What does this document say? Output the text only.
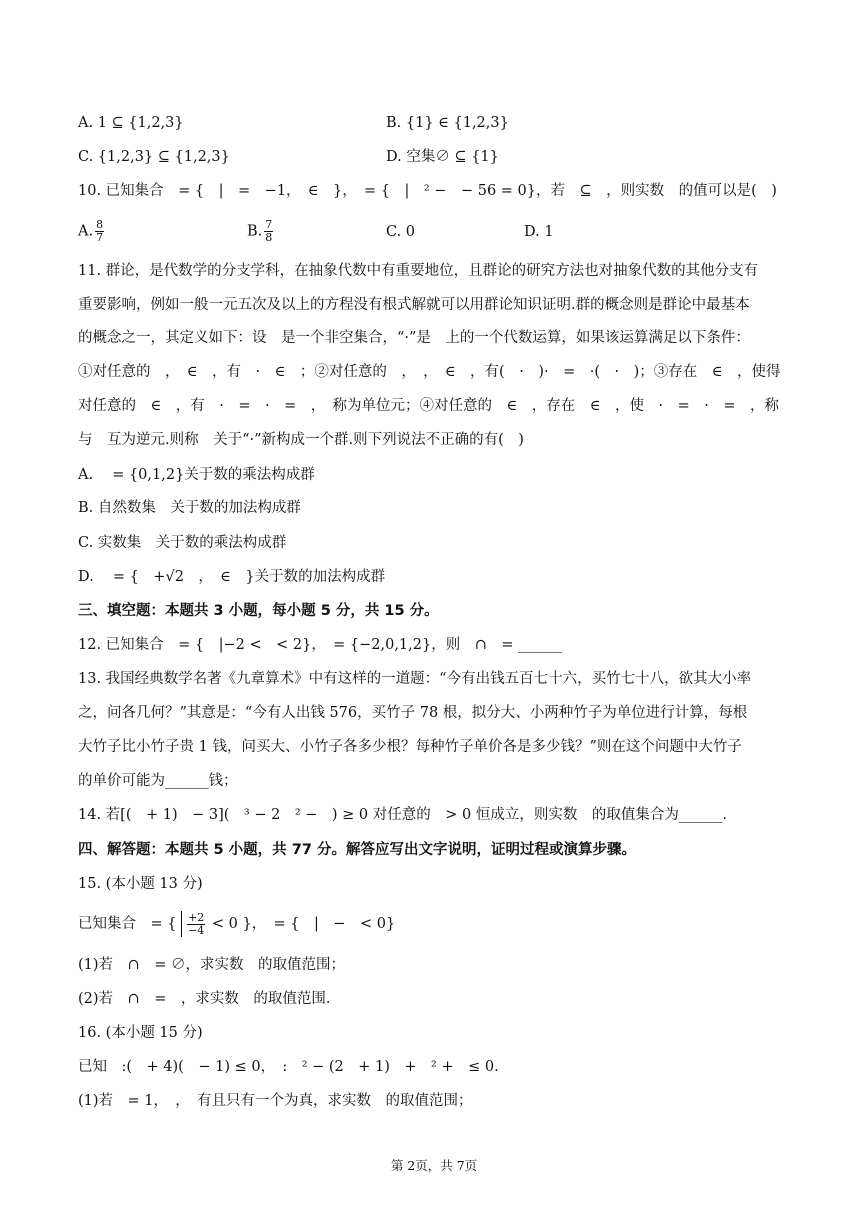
A. 1 ⊆ {1,2,3}	B. {1} ∈ {1,2,3}
C. {1,2,3} ⊆ {1,2,3}	D. 空集∅ ⊆ {1}
10. 已知集合　= {　|　=　−1，　∈　}，　= {　|　² −　− 56 = 0}，若　⊆　，则实数　的值可以是(　)
A. $\frac{8}{7}$	B. $\frac{7}{8}$	C. 0	D. 1
11. 群论，是代数学的分支学科，在抽象代数中有重要地位，且群论的研究方法也对抽象代数的其他分支有
重要影响，例如一般一元五次及以上的方程没有根式解就可以用群论知识证明.群的概念则是群论中最基本
的概念之一，其定义如下：设　是一个非空集合，“·”是　上的一个代数运算，如果该运算满足以下条件：
①对任意的　，　∈　，有　·　∈　；②对任意的　，　，　∈　，有(　·　)·　=　·(　·　)；③存在　∈　，使得
对任意的　∈　，有　·　=　·　=　，　称为单位元；④对任意的　∈　，存在　∈　，使　·　=　·　=　，称
与　互为逆元.则称　关于“·”新构成一个群.则下列说法不正确的有(　)
A. 　= {0,1,2}关于数的乘法构成群
B. 自然数集　关于数的加法构成群
C. 实数集　关于数的乘法构成群
D. 　= {　+√2　，　∈　}关于数的加法构成群
三、填空题：本题共 3 小题，每小题 5 分，共 15 分。
12. 已知集合　= {　|−2 <　< 2}，　= {−2,0,1,2}，则　∩　= ______
13. 我国经典数学名著《九章算术》中有这样的一道题：“今有出钱五百七十六，买竹七十八，欲其大小率
之，问各几何？”其意是：“今有人出钱 576，买竹子 78 根，拟分大、小两种竹子为单位进行计算，每根
大竹子比小竹子贵 1 钱，问买大、小竹子各多少根？每种竹子单价各是多少钱？”则在这个问题中大竹子
的单价可能为______钱；
14. 若[(　+ 1)　− 3](　³ − 2　² −　) ≥ 0 对任意的　> 0 恒成立，则实数　的取值集合为______.
四、解答题：本题共 5 小题，共 77 分。解答应写出文字说明，证明过程或演算步骤。
15. (本小题 13 分)
已知集合　= { $\frac{+2}{-4} < 0$ }，　= {　|　−　< 0}
(1)若　∩　= ∅，求实数　的取值范围；
(2)若　∩　=　，求实数　的取值范围.
16. (本小题 15 分)
已知　:(　+ 4)(　− 1) ≤ 0，　:　² − (2　+ 1)　+　² +　≤ 0.
(1)若　= 1，　，　有且只有一个为真，求实数　的取值范围；
第 2页，共 7页
